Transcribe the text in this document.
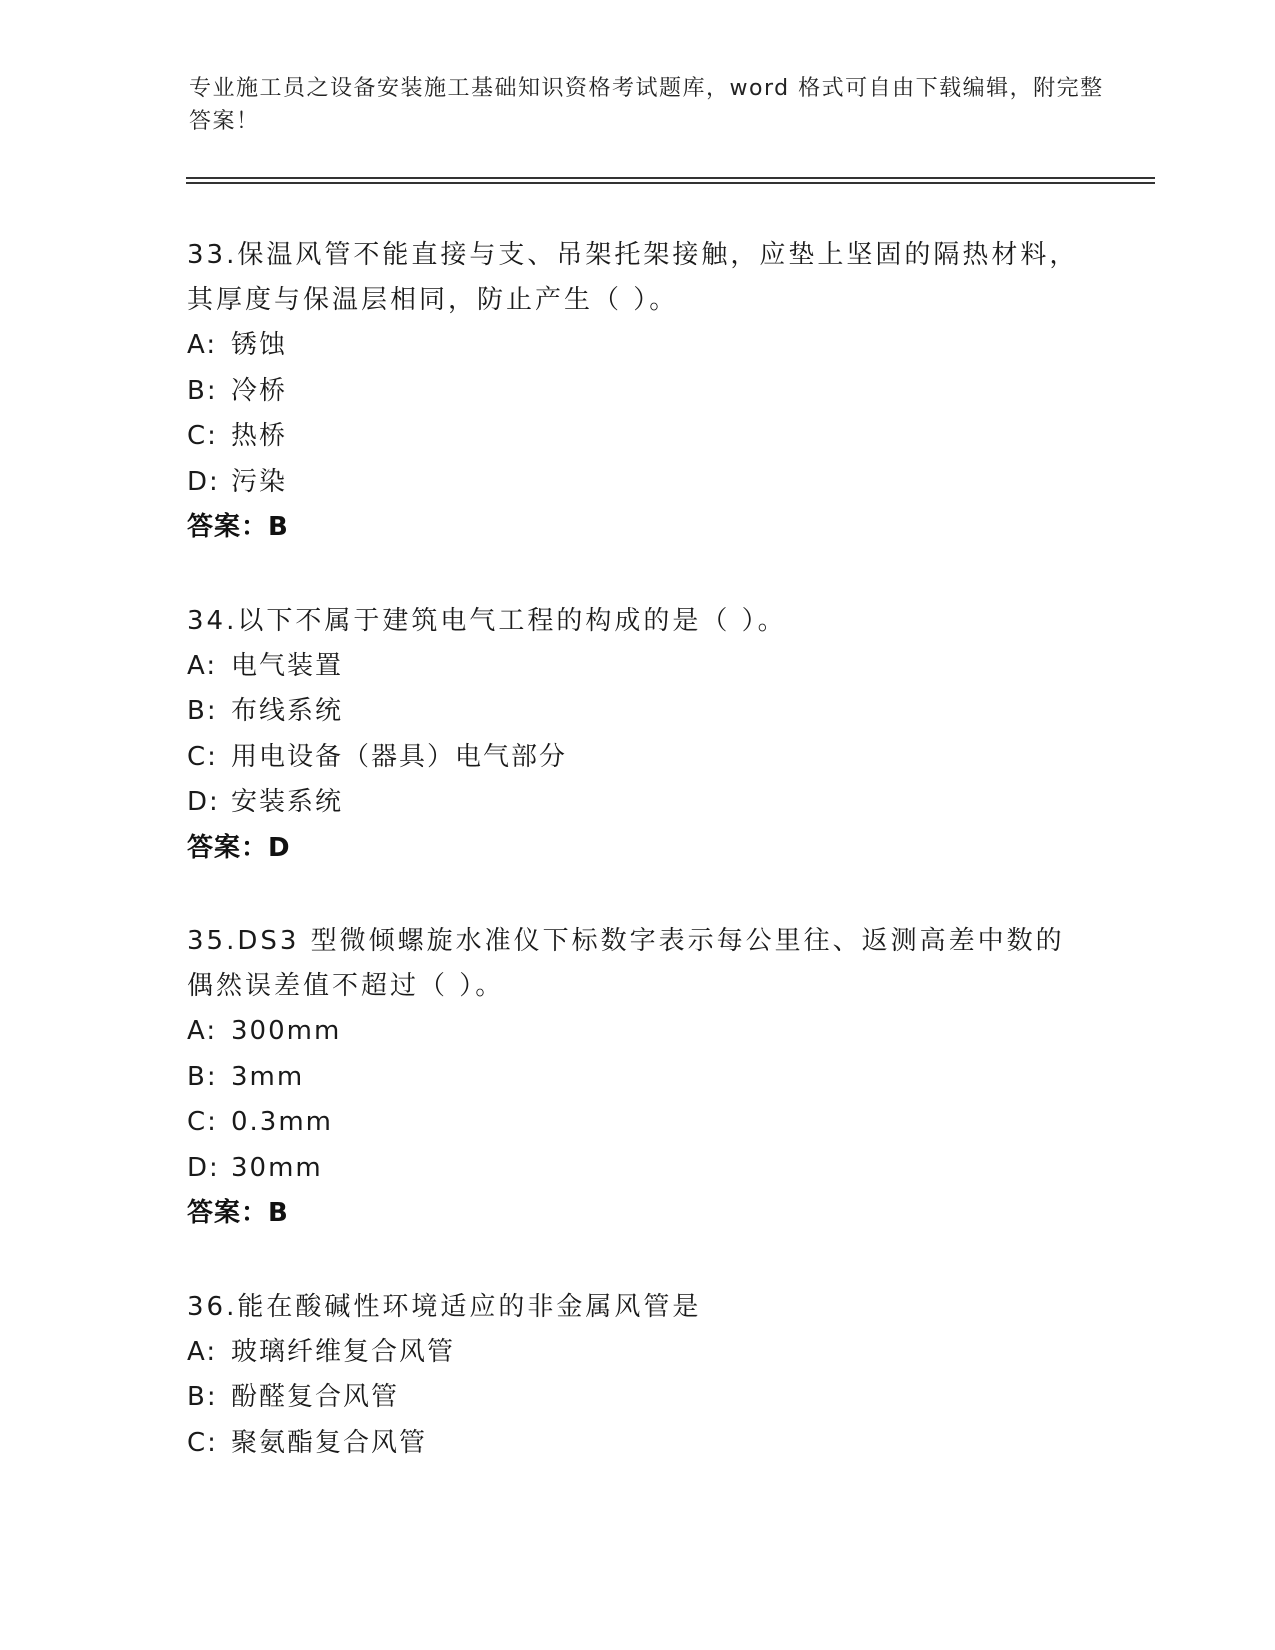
专业施工员之设备安装施工基础知识资格考试题库，word 格式可自由下载编辑，附完整答案！
33.保温风管不能直接与支、吊架托架接触，应垫上坚固的隔热材料，其厚度与保温层相同，防止产生（ ）。
A: 锈蚀
B: 冷桥
C: 热桥
D: 污染
答案：B
34.以下不属于建筑电气工程的构成的是（ ）。
A: 电气装置
B: 布线系统
C: 用电设备（器具）电气部分
D: 安装系统
答案：D
35.DS3 型微倾螺旋水准仪下标数字表示每公里往、返测高差中数的偶然误差值不超过（ ）。
A: 300mm
B: 3mm
C: 0.3mm
D: 30mm
答案：B
36.能在酸碱性环境适应的非金属风管是
A: 玻璃纤维复合风管
B: 酚醛复合风管
C: 聚氨酯复合风管
